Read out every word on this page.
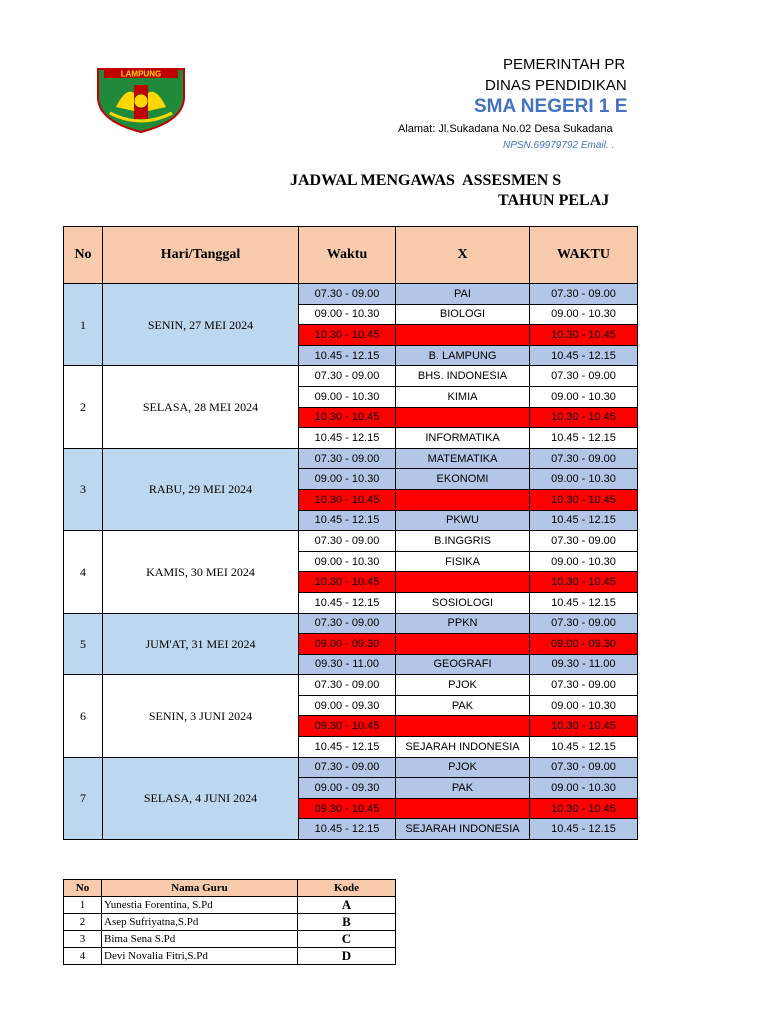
LAMPUNG
PEMERINTAH PR
DINAS PENDIDIKAN
SMA NEGERI 1 E
Alamat: Jl.Sukadana No.02 Desa Sukadana
NPSN.69979792 Email. .
JADWAL MENGAWAS  ASSESMEN S
TAHUN PELAJ
No	Hari/Tanggal	Waktu	X	WAKTU	
1	SENIN, 27 MEI 2024	07.30 - 09.00	PAI	07.30 - 09.00	
		09.00 - 10.30	BIOLOGI	09.00 - 10.30	
		10.30 - 10.45		10.30 - 10.45	
		10.45 - 12.15	B. LAMPUNG	10.45 - 12.15	
2	SELASA, 28 MEI 2024	07.30 - 09.00	BHS. INDONESIA	07.30 - 09.00	
		09.00 - 10.30	KIMIA	09.00 - 10.30	
		10.30 - 10.45		10.30 - 10.45	
		10.45 - 12.15	INFORMATIKA	10.45 - 12.15	
3	RABU, 29 MEI 2024	07.30 - 09.00	MATEMATIKA	07.30 - 09.00	
		09.00 - 10.30	EKONOMI	09.00 - 10.30	
		10.30 - 10.45		10.30 - 10.45	
		10.45 - 12.15	PKWU	10.45 - 12.15	
4	KAMIS, 30 MEI 2024	07.30 - 09.00	B.INGGRIS	07.30 - 09.00	
		09.00 - 10.30	FISIKA	09.00 - 10.30	
		10.30 - 10.45		10.30 - 10.45	
		10.45 - 12.15	SOSIOLOGI	10.45 - 12.15	
5	JUM'AT, 31 MEI 2024	07.30 - 09.00	PPKN	07.30 - 09.00	
		09.00 - 09.30		09.00 - 09.30	
		09.30 - 11.00	GEOGRAFI	09.30 - 11.00	
6	SENIN, 3 JUNI 2024	07.30 - 09.00	PJOK	07.30 - 09.00	
		09.00 - 09.30	PAK	09.00 - 10.30	
		09.30 - 10.45		10.30 - 10.45	
		10.45 - 12.15	SEJARAH INDONESIA	10.45 - 12.15	
7	SELASA, 4 JUNI 2024	07.30 - 09.00	PJOK	07.30 - 09.00	
		09.00 - 09.30	PAK	09.00 - 10.30	
		09.30 - 10.45		10.30 - 10.45	
		10.45 - 12.15	SEJARAH INDONESIA	10.45 - 12.15	
No	Nama Guru	Kode
1	Yunestia Forentina, S.Pd	A
2	Asep Sufriyatna,S.Pd	B
3	Bima Sena S.Pd	C
4	Devi Novalia Fitri,S.Pd	D
